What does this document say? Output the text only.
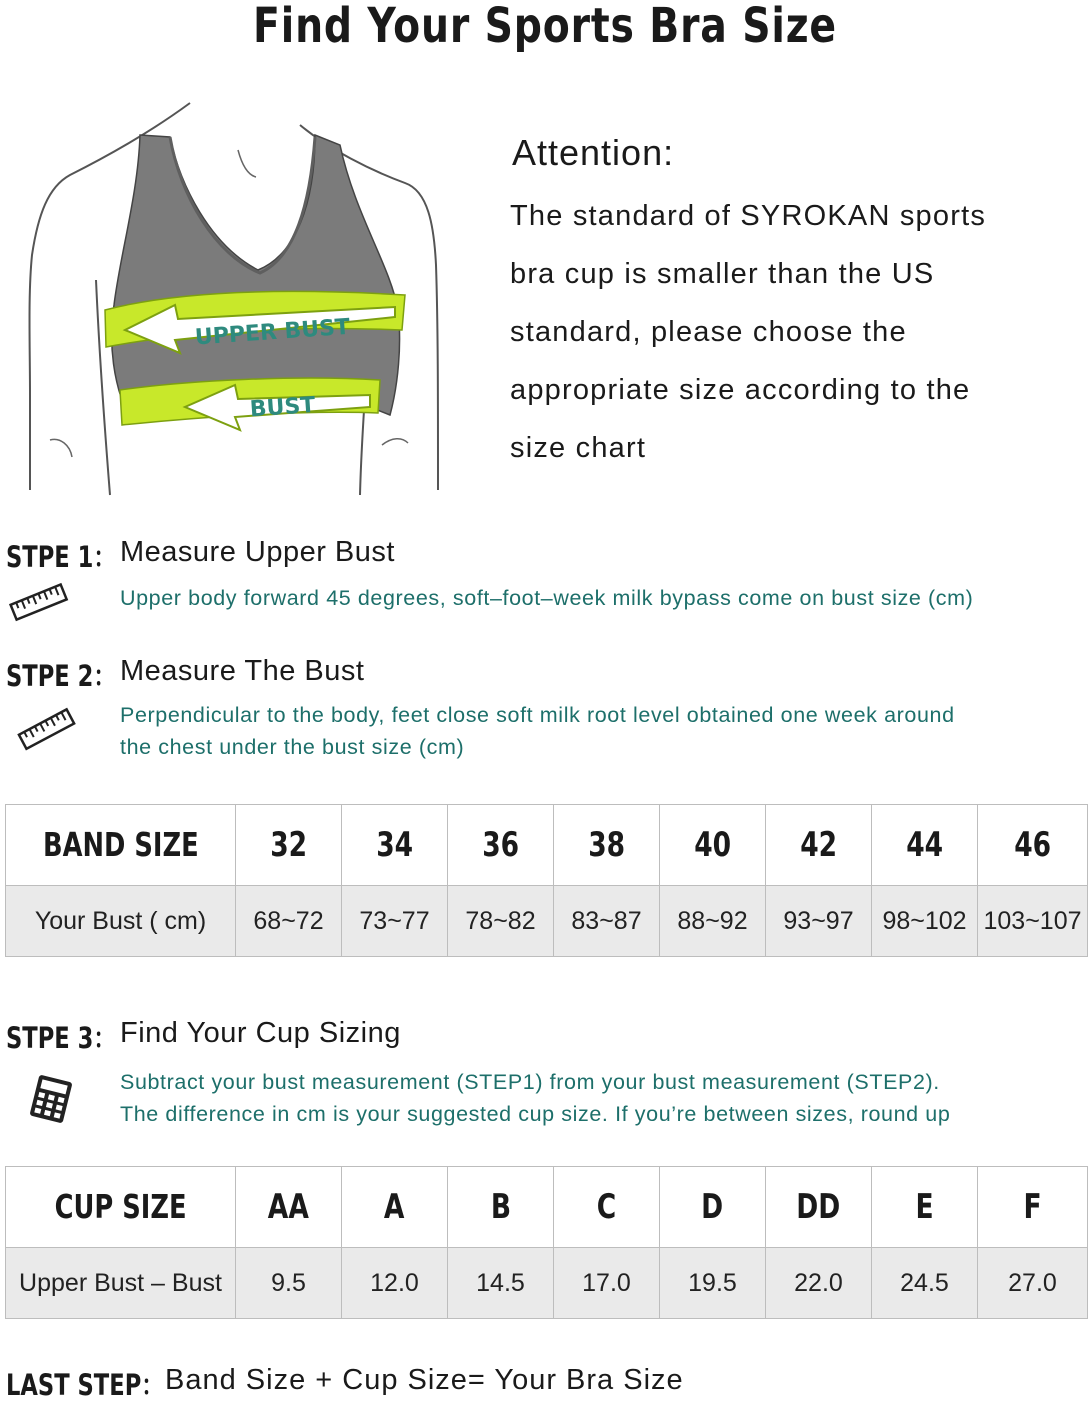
Find Your Sports Bra Size
UPPER BUST
BUST
Attention:
The standard of SYROKAN sports
bra cup is smaller than the US
standard, please choose the
appropriate size according to the
size chart
STPE 1： Measure Upper Bust
Upper body forward 45 degrees, soft–foot–week milk bypass come on bust size (cm)
STPE 2： Measure The Bust
Perpendicular to the body, feet close soft milk root level obtained one week around
the chest under the bust size (cm)
BAND SIZE	32	34	36	38	40	42	44	46
Your Bust ( cm)	68~72	73~77	78~82	83~87	88~92	93~97	98~102	103~107
STPE 3： Find Your Cup Sizing
Subtract your bust measurement (STEP1) from your bust measurement (STEP2).
The difference in cm is your suggested cup size. If you’re between sizes, round up
CUP SIZE	AA	A	B	C	D	DD	E	F
Upper Bust – Bust	9.5	12.0	14.5	17.0	19.5	22.0	24.5	27.0
LAST STEP： Band Size + Cup Size= Your Bra Size
